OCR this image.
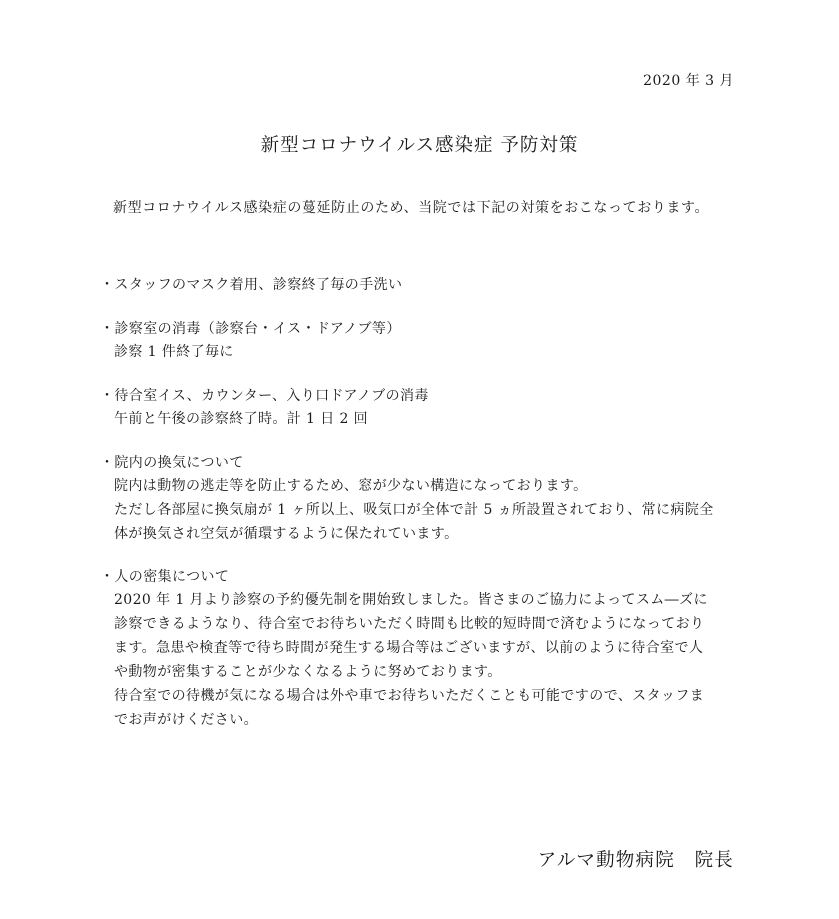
2020 年 3 月
新型コロナウイルス感染症 予防対策
新型コロナウイルス感染症の蔓延防止のため、当院では下記の対策をおこなっております。
・スタッフのマスク着用、診察終了毎の手洗い
・診察室の消毒（診察台・イス・ドアノブ等）
診察 1 件終了毎に
・待合室イス、カウンター、入り口ドアノブの消毒
午前と午後の診察終了時。計 1 日 2 回
・院内の換気について
院内は動物の逃走等を防止するため、窓が少ない構造になっております。
ただし各部屋に換気扇が 1 ヶ所以上、吸気口が全体で計 5 ヵ所設置されており、常に病院全
体が換気され空気が循環するように保たれています。
・人の密集について
2020 年 1 月より診察の予約優先制を開始致しました。皆さまのご協力によってスム―ズに
診察できるようなり、待合室でお待ちいただく時間も比較的短時間で済むようになっており
ます。急患や検査等で待ち時間が発生する場合等はございますが、以前のように待合室で人
や動物が密集することが少なくなるように努めております。
待合室での待機が気になる場合は外や車でお待ちいただくことも可能ですので、スタッフま
でお声がけください。
アルマ動物病院　院長
